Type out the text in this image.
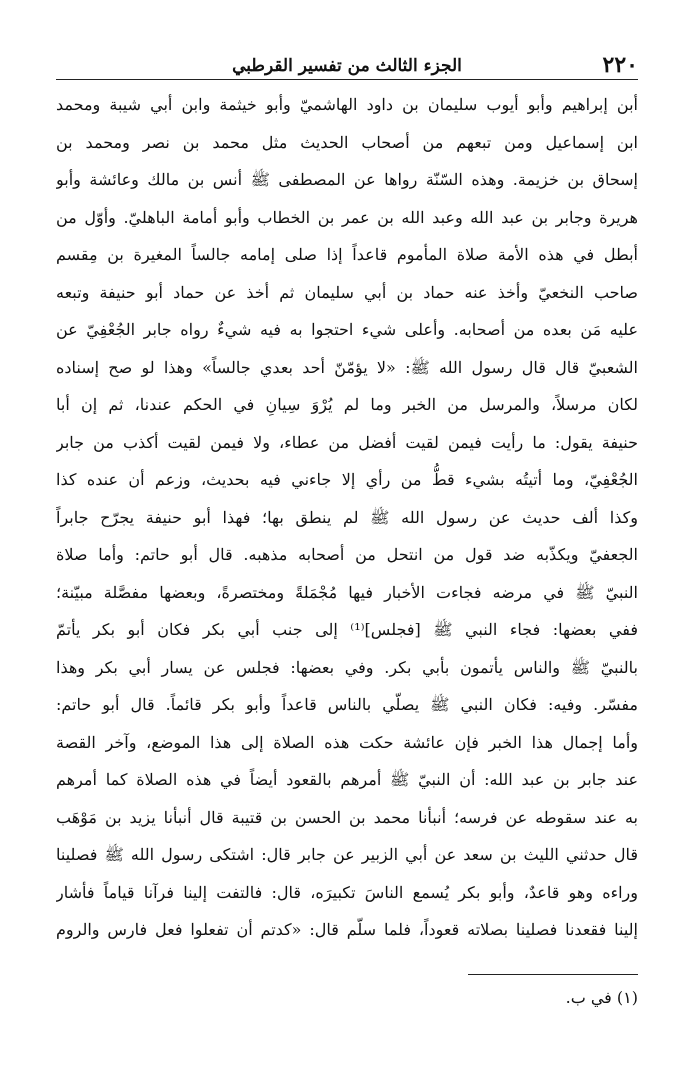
٢٢٠
الجزء الثالث من تفسير القرطبي
أبن إبراهيم وأبو أيوب سليمان بن داود الهاشميّ وأبو خيثمة وابن أبي شيبة ومحمد
ابن إسماعيل ومن تبعهم من أصحاب الحديث مثل محمد بن نصر ومحمد بن
إسحاق بن خزيمة. وهذه السّنّة رواها عن المصطفى ﷺ أنس بن مالك وعائشة وأبو
هريرة وجابر بن عبد الله وعبد الله بن عمر بن الخطاب وأبو أمامة الباهليّ. وأوّل من
أبطل في هذه الأمة صلاة المأموم قاعداً إذا صلى إمامه جالساً المغيرة بن مِقسم
صاحب النخعيّ وأخذ عنه حماد بن أبي سليمان ثم أخذ عن حماد أبو حنيفة وتبعه
عليه مَن بعده من أصحابه. وأعلى شيء احتجوا به فيه شيءٌ رواه جابر الجُعْفِيّ عن
الشعبيّ قال قال رسول الله ﷺ: «لا يؤمّنّ أحد بعدي جالساً» وهذا لو صح إسناده
لكان مرسلاً، والمرسل من الخبر وما لم يُرْوَ سِيانِ في الحكم عندنا، ثم إن أبا
حنيفة يقول: ما رأيت فيمن لقيت أفضل من عطاء، ولا فيمن لقيت أكذب من جابر
الجُعْفِيّ، وما أتيتُه بشيء قطُّ من رأي إلا جاءني فيه بحديث، وزعم أن عنده كذا
وكذا ألف حديث عن رسول الله ﷺ لم ينطق بها؛ فهذا أبو حنيفة يجرّح جابراً
الجعفيّ ويكذّبه ضد قول من انتحل من أصحابه مذهبه. قال أبو حاتم: وأما صلاة
النبيّ ﷺ في مرضه فجاءت الأخبار فيها مُجْمَلةً ومختصرةً، وبعضها مفصَّلة مبيّنة؛
ففي بعضها: فجاء النبي ﷺ [فجلس]⁽¹⁾ إلى جنب أبي بكر فكان أبو بكر يأتمّ
بالنبيّ ﷺ والناس يأتمون بأبي بكر. وفي بعضها: فجلس عن يسار أبي بكر وهذا
مفسّر. وفيه: فكان النبي ﷺ يصلّي بالناس قاعداً وأبو بكر قائماً. قال أبو حاتم:
وأما إجمال هذا الخبر فإن عائشة حكت هذه الصلاة إلى هذا الموضع، وآخر القصة
عند جابر بن عبد الله: أن النبيّ ﷺ أمرهم بالقعود أيضاً في هذه الصلاة كما أمرهم
به عند سقوطه عن فرسه؛ أنبأنا محمد بن الحسن بن قتيبة قال أنبأنا يزيد بن مَوْهَب
قال حدثني الليث بن سعد عن أبي الزبير عن جابر قال: اشتكى رسول الله ﷺ فصلينا
وراءه وهو قاعدٌ، وأبو بكر يُسمع الناسَ تكبيرَه، قال: فالتفت إلينا فرآنا قياماً فأشار
إلينا فقعدنا فصلينا بصلاته قعوداً، فلما سلّم قال: «كدتم أن تفعلوا فعل فارس والروم
(١) في ب.
